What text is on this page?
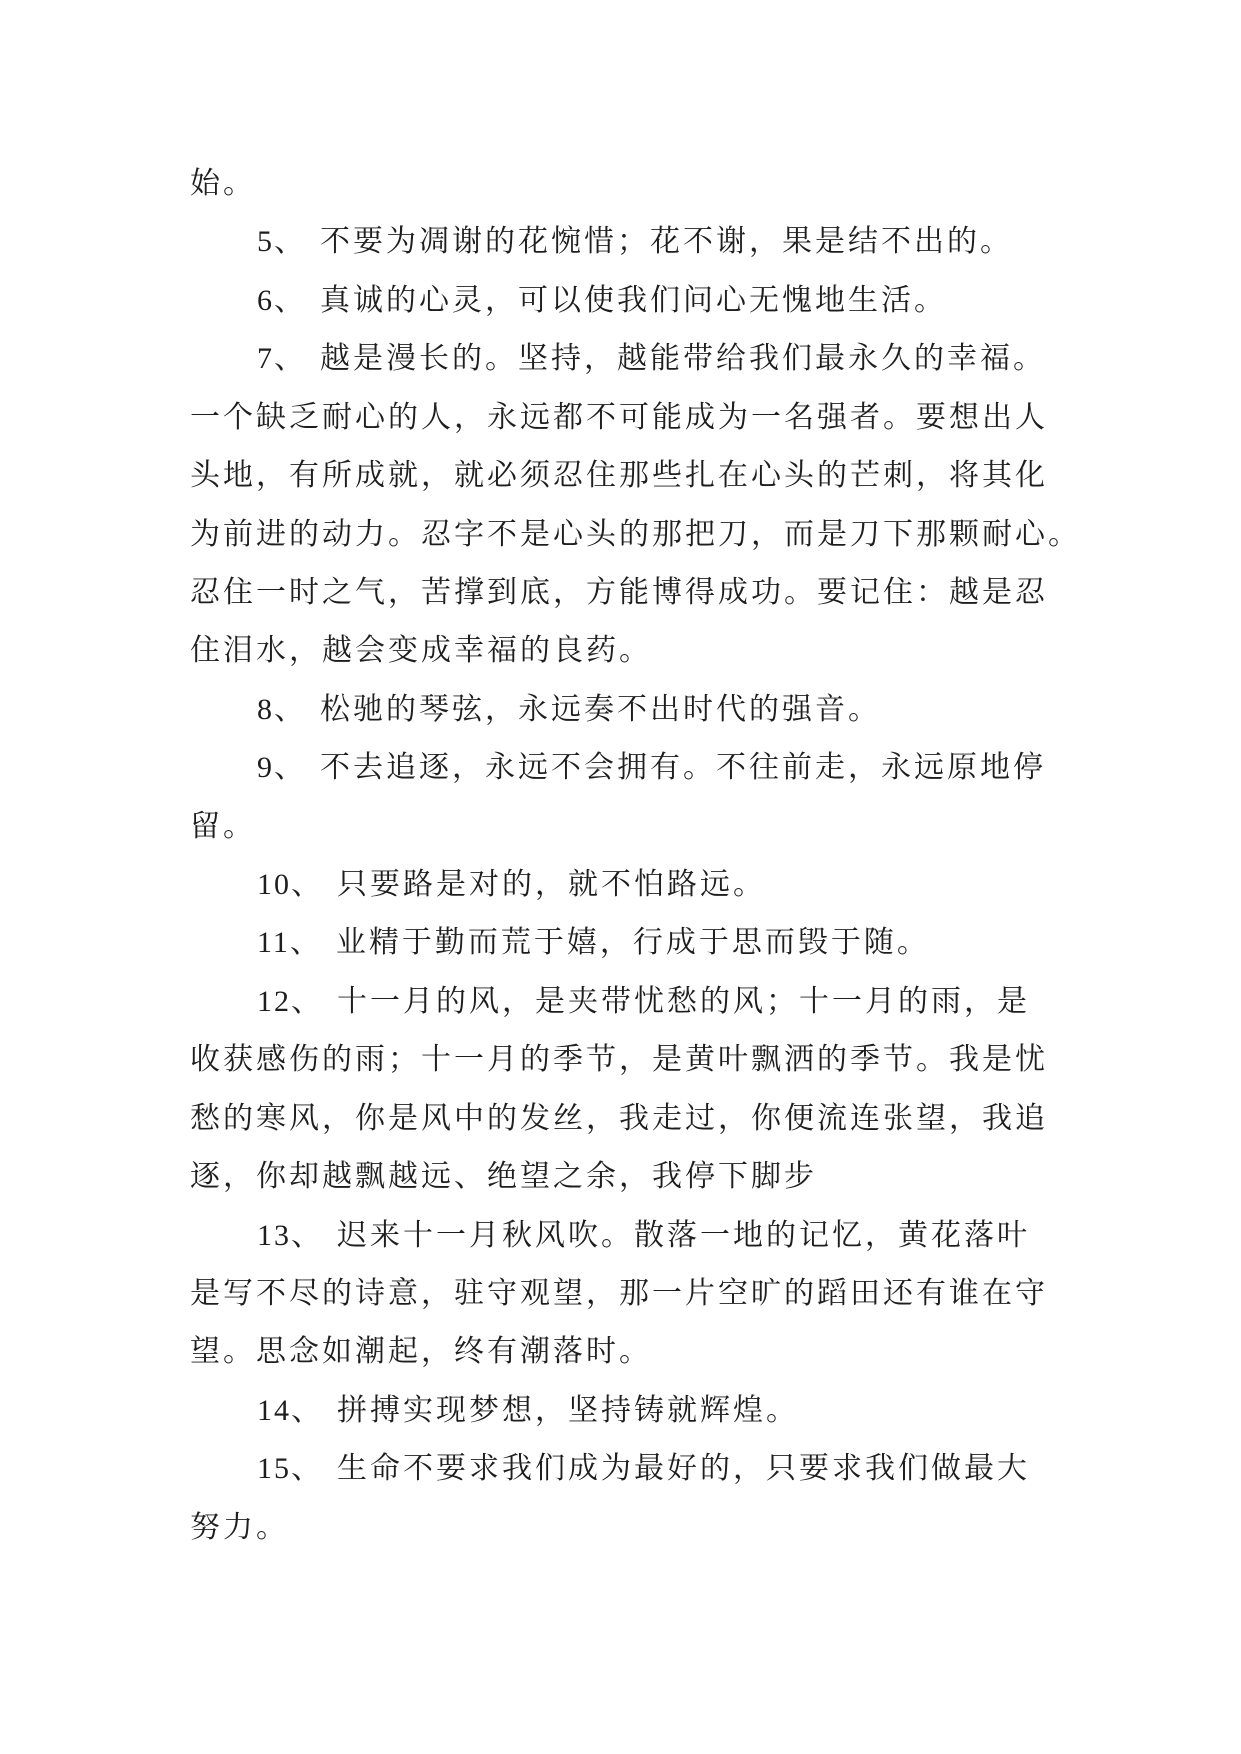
始。
5、 不要为凋谢的花惋惜；花不谢，果是结不出的。
6、 真诚的心灵，可以使我们问心无愧地生活。
7、 越是漫长的。坚持，越能带给我们最永久的幸福。
一个缺乏耐心的人，永远都不可能成为一名强者。要想出人
头地，有所成就，就必须忍住那些扎在心头的芒刺，将其化
为前进的动力。忍字不是心头的那把刀，而是刀下那颗耐心。
忍住一时之气，苦撑到底，方能博得成功。要记住：越是忍
住泪水，越会变成幸福的良药。
8、 松驰的琴弦，永远奏不出时代的强音。
9、 不去追逐，永远不会拥有。不往前走，永远原地停
留。
10、 只要路是对的，就不怕路远。
11、 业精于勤而荒于嬉，行成于思而毁于随。
12、 十一月的风，是夹带忧愁的风；十一月的雨，是
收获感伤的雨；十一月的季节，是黄叶飘洒的季节。我是忧
愁的寒风，你是风中的发丝，我走过，你便流连张望，我追
逐，你却越飘越远、绝望之余，我停下脚步
13、 迟来十一月秋风吹。散落一地的记忆，黄花落叶
是写不尽的诗意，驻守观望，那一片空旷的蹈田还有谁在守
望。思念如潮起，终有潮落时。
14、 拼搏实现梦想，坚持铸就辉煌。
15、 生命不要求我们成为最好的，只要求我们做最大
努力。
